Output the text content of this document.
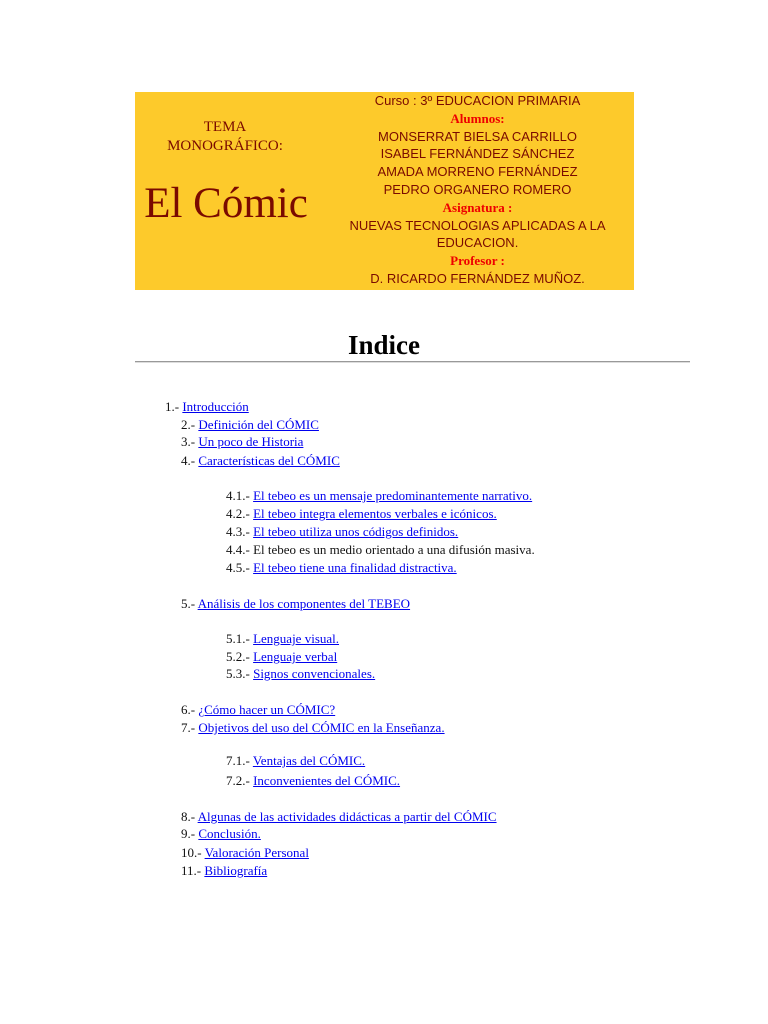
TEMA
MONOGRÁFICO:
El Cómic
Curso : 3º EDUCACION PRIMARIA
Alumnos:
MONSERRAT BIELSA CARRILLO
ISABEL FERNÁNDEZ SÁNCHEZ
AMADA MORRENO FERNÁNDEZ
PEDRO ORGANERO ROMERO
Asignatura :
NUEVAS TECNOLOGIAS APLICADAS A LA
EDUCACION.
Profesor :
D. RICARDO FERNÁNDEZ MUÑOZ.
Indice
1.- Introducción
2.- Definición del CÓMIC
3.- Un poco de Historia
4.- Características del CÓMIC
4.1.- El tebeo es un mensaje predominantemente narrativo.
4.2.- El tebeo integra elementos verbales e icónicos.
4.3.- El tebeo utiliza unos códigos definidos.
4.4.- El tebeo es un medio orientado a una difusión masiva.
4.5.- El tebeo tiene una finalidad distractiva.
5.- Análisis de los componentes del TEBEO
5.1.- Lenguaje visual.
5.2.- Lenguaje verbal
5.3.- Signos convencionales.
6.- ¿Cómo hacer un CÓMIC?
7.- Objetivos del uso del CÓMIC en la Enseñanza.
7.1.- Ventajas del CÓMIC.
7.2.- Inconvenientes del CÓMIC.
8.- Algunas de las actividades didácticas a partir del CÓMIC
9.- Conclusión.
10.- Valoración Personal
11.- Bibliografía
